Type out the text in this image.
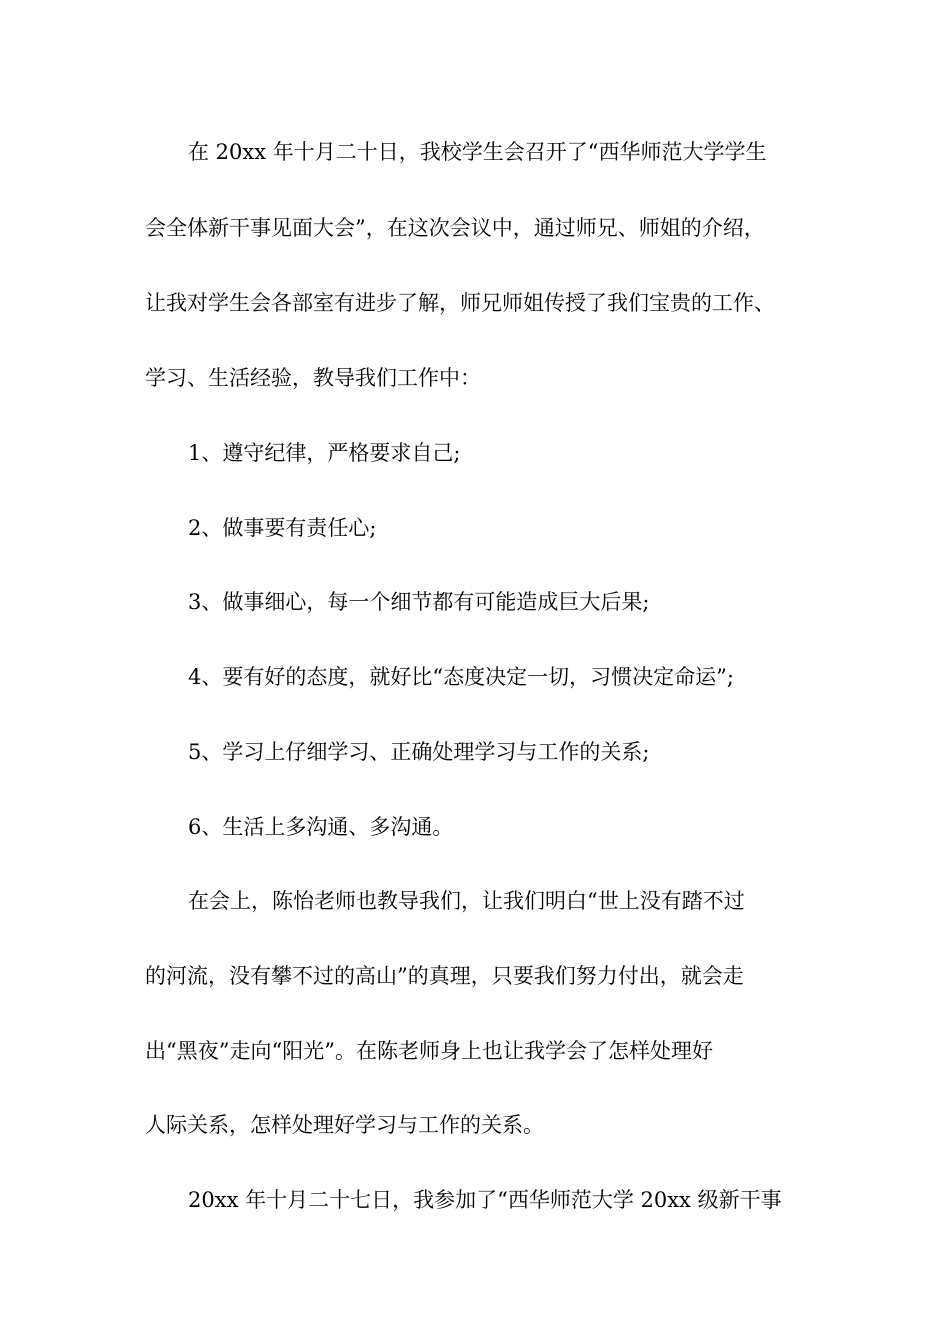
在 20xx 年十月二十日，我校学生会召开了“西华师范大学学生
会全体新干事见面大会”，在这次会议中，通过师兄、师姐的介绍，
让我对学生会各部室有进步了解，师兄师姐传授了我们宝贵的工作、
学习、生活经验，教导我们工作中：
1、遵守纪律，严格要求自己;
2、做事要有责任心;
3、做事细心，每一个细节都有可能造成巨大后果;
4、要有好的态度，就好比“态度决定一切，习惯决定命运”;
5、学习上仔细学习、正确处理学习与工作的关系;
6、生活上多沟通、多沟通。
在会上，陈怡老师也教导我们，让我们明白“世上没有踏不过
的河流，没有攀不过的高山”的真理，只要我们努力付出，就会走
出“黑夜”走向“阳光”。在陈老师身上也让我学会了怎样处理好
人际关系，怎样处理好学习与工作的关系。
20xx 年十月二十七日，我参加了“西华师范大学 20xx 级新干事
